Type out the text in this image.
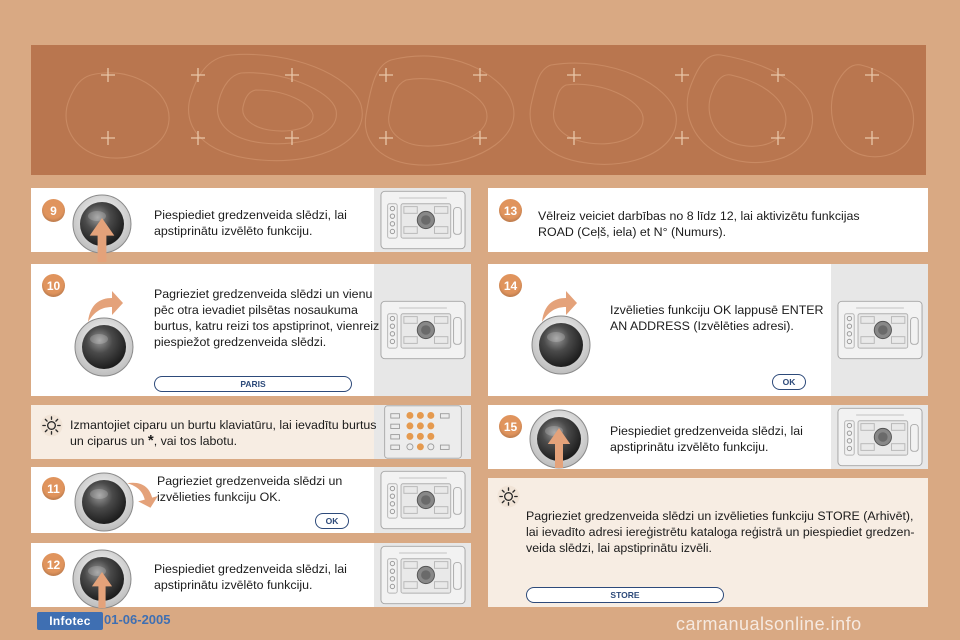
9	Piespiediet gredzenveida slēdzi, lai
apstiprinātu izvēlēto funkciju.
10
Pagrieziet gredzenveida slēdzi un vienu
pēc otra ievadiet pilsētas nosaukuma
burtus, katru reizi tos apstiprinot, vienreiz
piespiežot gredzenveida slēdzi.
PARIS
Izmantojiet ciparu un burtu klaviatūru, lai ievadītu burtus
un ciparus un *, vai tos labotu.
11
Pagrieziet gredzenveida slēdzi un
izvēlieties funkciju OK.
OK
12	Piespiediet gredzenveida slēdzi, lai
apstiprinātu izvēlēto funkciju.
13	Vēlreiz veiciet darbības no 8 līdz 12, lai aktivizētu funkcijas
ROAD (Ceļš, iela) et N° (Numurs).
14
Izvēlieties funkciju OK lappusē ENTER
AN ADDRESS (Izvēlēties adresi).
OK
15	Piespiediet gredzenveida slēdzi, lai
apstiprinātu izvēlēto funkciju.
Pagrieziet gredzenveida slēdzi un izvēlieties funkciju STORE (Arhivēt),
lai ievadīto adresi iereģistrētu kataloga reģistrā un piespiediet gredzen-
veida slēdzi, lai apstiprinātu izvēli.
STORE
Infotec	01-06-2005	carmanualsonline.info
